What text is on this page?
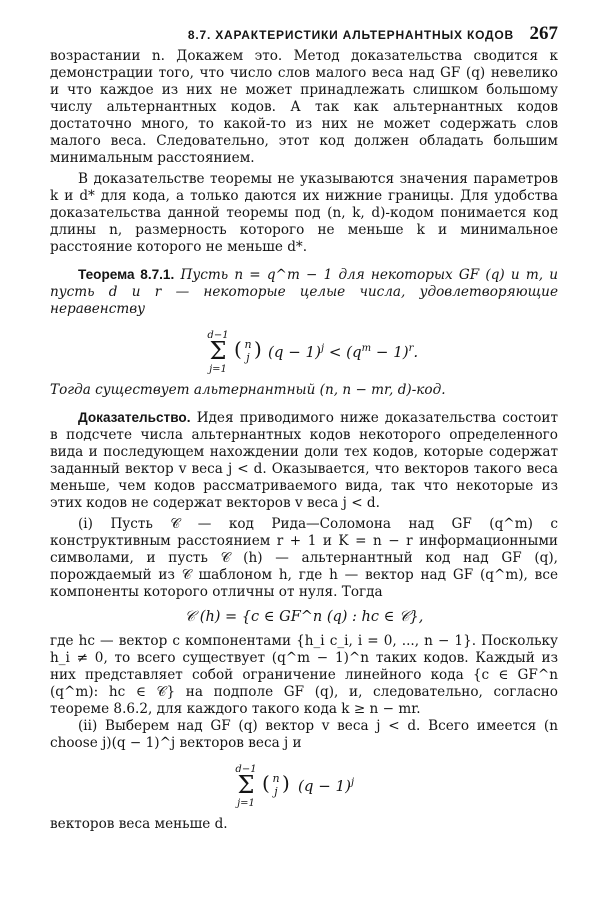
8.7. ХАРАКТЕРИСТИКИ АЛЬТЕРНАНТНЫХ КОДОВ 267

возрастании n. Докажем это. Метод доказательства сводится к демонстрации того, что число слов малого веса над GF (q) невелико и что каждое из них не может принадлежать слишком большому числу альтернантных кодов. А так как альтернантных кодов достаточно много, то какой-то из них не может содержать слов малого веса. Следовательно, этот код должен обладать большим минимальным расстоянием.

В доказательстве теоремы не указываются значения параметров k и d* для кода, а только даются их нижние границы. Для удобства доказательства данной теоремы под (n, k, d)-кодом понимается код длины n, размерность которого не меньше k и минимальное расстояние которого не меньше d*.

Теорема 8.7.1. Пусть n = q^m − 1 для некоторых GF (q) и m, и пусть d и r — некоторые целые числа, удовлетворяющие неравенству

d−1
Σ
j=1
( n
j ) $(q - 1)^j < (q^m - 1)^r$.

Тогда существует альтернантный (n, n − mr, d)-код.

Доказательство. Идея приводимого ниже доказательства состоит в подсчете числа альтернантных кодов некоторого определенного вида и последующем нахождении доли тех кодов, которые содержат заданный вектор v веса j < d. Оказывается, что векторов такого веса меньше, чем кодов рассматриваемого вида, так что некоторые из этих кодов не содержат векторов v веса j < d.

(i) Пусть 𝒞 — код Рида—Соломона над GF (q^m) с конструктивным расстоянием r + 1 и K = n − r информационными символами, и пусть 𝒞 (h) — альтернантный код над GF (q), порождаемый из 𝒞 шаблоном h, где h — вектор над GF (q^m), все компоненты которого отличны от нуля. Тогда

𝒞 (h) = {c ∈ GF^n (q) : hc ∈ 𝒞},

где hc — вектор с компонентами {h_i c_i, i = 0, ..., n − 1}. Поскольку h_i ≠ 0, то всего существует (q^m − 1)^n таких кодов. Каждый из них представляет собой ограничение линейного кода {c ∈ GF^n (q^m): hc ∈ 𝒞} на подполе GF (q), и, следовательно, согласно теореме 8.6.2, для каждого такого кода k ≥ n − mr.

(ii) Выберем над GF (q) вектор v веса j < d. Всего имеется (n choose j)(q − 1)^j векторов веса j и

d−1
Σ
j=1
( n
j ) $(q - 1)^j$

векторов веса меньше d.
